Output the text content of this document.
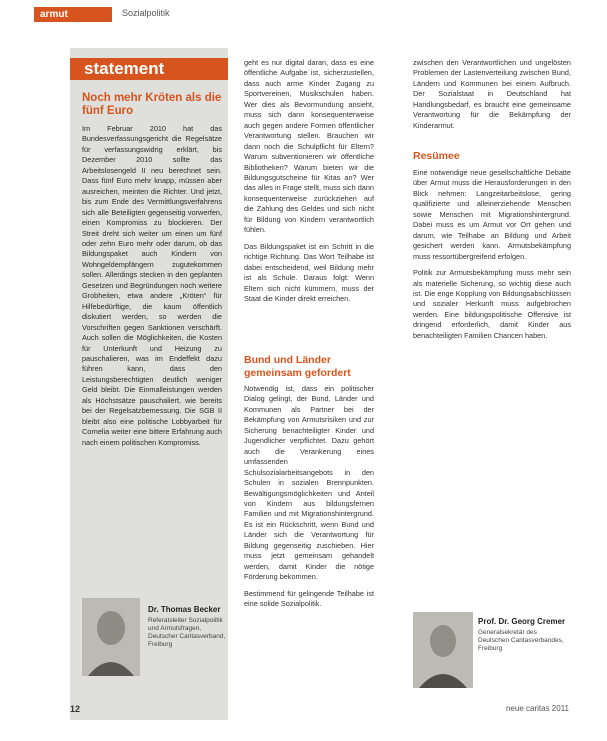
armut	Sozialpolitik
statement
Noch mehr Kröten als die fünf Euro
Im Februar 2010 hat das Bundesverfassungsgericht die Regelsätze für verfassungswidrig erklärt, bis Dezember 2010 sollte das Arbeitslosengeld II neu berechnet sein. Dass fünf Euro mehr knapp, müssen aber ausreichen, meinten die Richter. Und jetzt, bis zum Ende des Vermittlungsverfahrens sich alle Beteiligten gegenseitig vorwerfen, einen Kompromiss zu blockieren. Der Streit dreht sich weiter um einen um fünf oder zehn Euro mehr oder darum, ob das Bildungspaket auch Kindern von Wohngeldempfängern zugutekommen sollen. Allerdings stecken in den geplanten Gesetzen und Begründungen noch weitere Grobheiten, etwa andere „Kröten“ für Hilfebedürftige, die kaum öffentlich diskutiert werden, so werden die Vorschriften gegen Sanktionen verschärft. Auch sollen die Möglichkeiten, die Kosten für Unterkunft und Heizung zu pauschalieren, was im Endeffekt dazu führen kann, dass den Leistungsberechtigten deutlich weniger Geld bleibt. Die Einmalleistungen werden als Höchstsätze pauschaliert, wie bereits bei der Regelsatzbemessung. Die SGB II bleibt also eine politische Lobbyarbeit für Cornelia weiter eine bittere Erfahrung auch nach einem politischen Kompromiss.
Dr. Thomas Becker
Referatsleiter Sozialpolitik und Armutsfragen, Deutscher Caritasverband, Freiburg

geht es nur digital daran, dass es eine öffentliche Aufgabe ist, sicherzustellen, dass auch arme Kinder Zugang zu Sportvereinen, Musikschulen haben. Wer dies als Bevormundung ansieht, muss sich dann konsequenterweise auch gegen andere Formen öffentlicher Verantwortung stellen. Brauchen wir dann noch die Schulpflicht für Eltern? Warum subventionieren wir öffentliche Bibliotheken? Warum bieten wir die Bildungsgutscheine für Kitas an? Wer das alles in Frage stellt, muss sich dann konsequenterweise zurückziehen auf die Zahlung des Geldes und sich nicht für Bildung von Kindern verantwortlich fühlen.

Das Bildungspaket ist ein Schritt in die richtige Richtung. Das Wort Teilhabe ist dabei entscheidend, weil Bildung mehr ist als Schule. Daraus folgt: Wenn Eltern sich nicht kümmern, muss der Staat die Kinder direkt erreichen.

Bund und Länder gemeinsam gefordert

Notwendig ist, dass ein politischer Dialog gelingt, der Bund, Länder und Kommunen als Partner bei der Bekämpfung von Armutsrisiken und zur Sicherung benachteiligter Kinder und Jugendlicher verpflichtet. Dazu gehört auch die Verankerung eines umfassenden Schulsozialarbeitsangebots in den Schulen in sozialen Brennpunkten. Bewältigungsmöglichkeiten und Anteil von Kindern aus bildungsfernen Familien und mit Migrationshintergrund. Es ist ein Rückschritt, wenn Bund und Länder sich die Verantwortung für Bildung gegenseitig zuschieben. Hier muss jetzt gemeinsam gehandelt werden, damit Kinder die nötige Förderung bekommen.

Bestimmend für gelingende Teilhabe ist eine solide Sozialpolitik.

zwischen den Verantwortlichen und ungelösten Problemen der Lastenverteilung zwischen Bund, Ländern und Kommunen bei einem Aufbruch. Der Sozialstaat in Deutschland hat Handlungsbedarf, es braucht eine gemeinsame Verantwortung für die Bekämpfung der Kinderarmut.

Resümee

Eine notwendige neue gesellschaftliche Debatte über Armut muss die Herausforderungen in den Blick nehmen: Langzeitarbeitslose, gering qualifizierte und alleinerziehende Menschen sowie Menschen mit Migrationshintergrund. Dabei muss es um Armut vor Ort gehen und darum, wie Teilhabe an Bildung und Arbeit gesichert werden kann. Armutsbekämpfung muss ressortübergreifend erfolgen.

Politik zur Armutsbekämpfung muss mehr sein als materielle Sicherung, so wichtig diese auch ist. Die enge Kopplung von Bildungsabschlüssen und sozialer Herkunft muss aufgebrochen werden. Eine bildungspolitische Offensive ist dringend erforderlich, damit Kinder aus benachteiligten Familien Chancen haben.

Prof. Dr. Georg Cremer
Generalsekretär des Deutschen Caritasverbandes, Freiburg
12	neue caritas 2011
